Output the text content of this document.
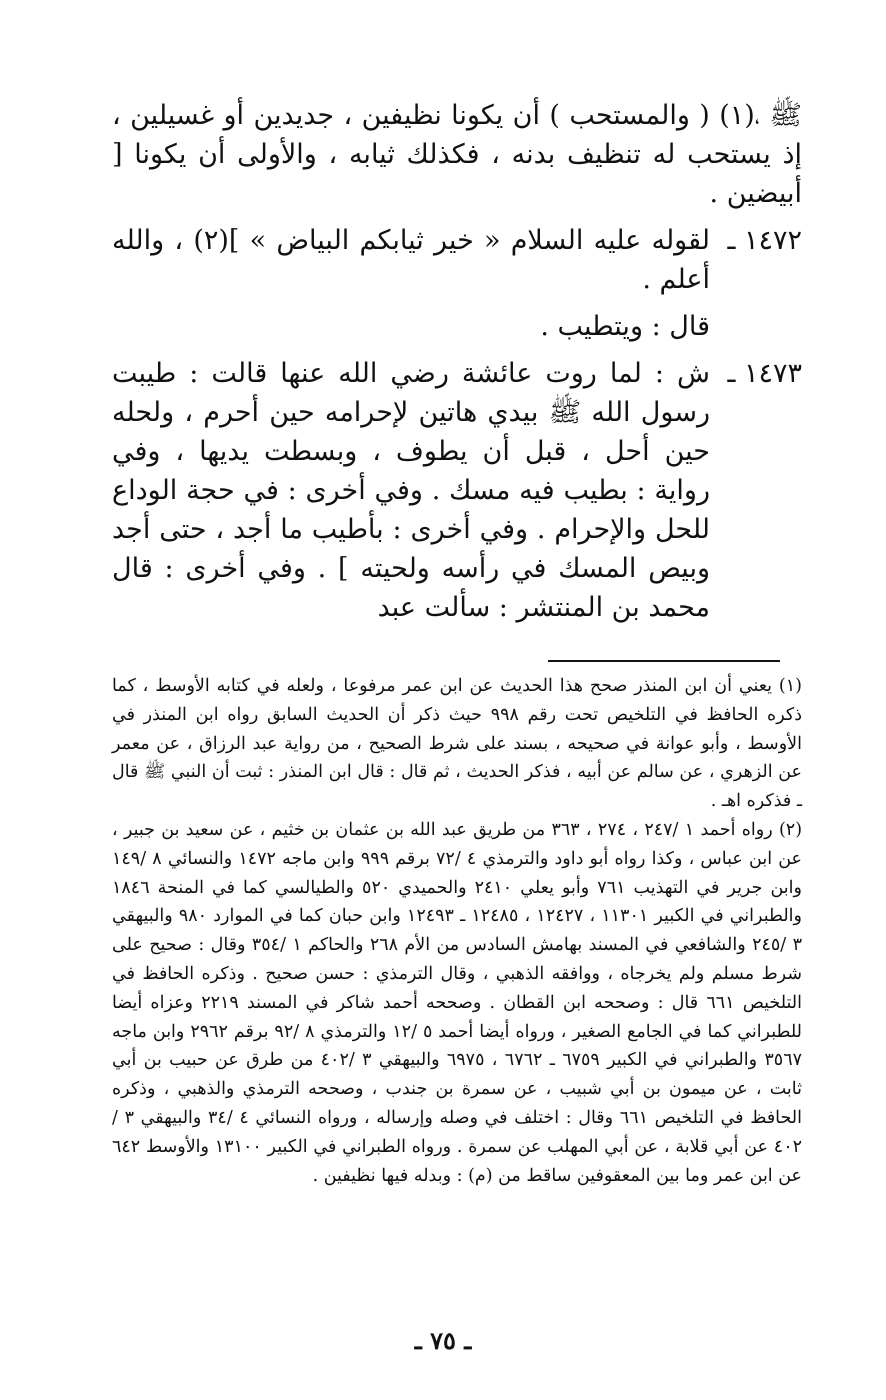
ﷺ ،(١) ( والمستحب ) أن يكونا نظيفين ، جديدين أو غسيلين ، إذ يستحب له تنظيف بدنه ، فكذلك ثيابه ، والأولى أن يكونا [ أبيضين .

١٤٧٢ ـ
لقوله عليه السلام « خير ثيابكم البياض » ](٢) ، والله أعلم .

قال : ويتطيب .

١٤٧٣ ـ
ش : لما روت عائشة رضي الله عنها قالت : طيبت رسول الله ﷺ بيدي هاتين لإحرامه حين أحرم ، ولحله حين أحل ، قبل أن يطوف ، وبسطت يديها ، وفي رواية : بطيب فيه مسك . وفي أخرى : في حجة الوداع للحل والإحرام . وفي أخرى : بأطيب ما أجد ، حتى أجد وبيص المسك في رأسه ولحيته ] . وفي أخرى : قال محمد بن المنتشر : سألت عبد

(١) يعني أن ابن المنذر صحح هذا الحديث عن ابن عمر مرفوعا ، ولعله في كتابه الأوسط ، كما ذكره الحافظ في التلخيص تحت رقم ٩٩٨ حيث ذكر أن الحديث السابق رواه ابن المنذر في الأوسط ، وأبو عوانة في صحيحه ، بسند على شرط الصحيح ، من رواية عبد الرزاق ، عن معمر عن الزهري ، عن سالم عن أبيه ، فذكر الحديث ، ثم قال : قال ابن المنذر : ثبت أن النبي ﷺ قال ـ فذكره اهـ .

(٢) رواه أحمد ١ /٢٤٧ ، ٢٧٤ ، ٣٦٣ من طريق عبد الله بن عثمان بن خثيم ، عن سعيد بن جبير ، عن ابن عباس ، وكذا رواه أبو داود والترمذي ٤ /٧٢ برقم ٩٩٩ وابن ماجه ١٤٧٢ والنسائي ٨ /١٤٩ وابن جرير في التهذيب ٧٦١ وأبو يعلي ٢٤١٠ والحميدي ٥٢٠ والطيالسي كما في المنحة ١٨٤٦ والطبراني في الكبير ١١٣٠١ ، ١٢٤٢٧ ، ١٢٤٨٥ ـ ١٢٤٩٣ وابن حبان كما في الموارد ٩٨٠ والبيهقي ٣ /٢٤٥ والشافعي في المسند بهامش السادس من الأم ٢٦٨ والحاكم ١ /٣٥٤ وقال : صحيح على شرط مسلم ولم يخرجاه ، ووافقه الذهبي ، وقال الترمذي : حسن صحيح . وذكره الحافظ في التلخيص ٦٦١ قال : وصححه ابن القطان . وصححه أحمد شاكر في المسند ٢٢١٩ وعزاه أيضا للطبراني كما في الجامع الصغير ، ورواه أيضا أحمد ٥ /١٢ والترمذي ٨ /٩٢ برقم ٢٩٦٢ وابن ماجه ٣٥٦٧ والطبراني في الكبير ٦٧٥٩ ـ ٦٧٦٢ ، ٦٩٧٥ والبيهقي ٣ /٤٠٢ من طرق عن حبيب بن أبي ثابت ، عن ميمون بن أبي شبيب ، عن سمرة بن جندب ، وصححه الترمذي والذهبي ، وذكره الحافظ في التلخيص ٦٦١ وقال : اختلف في وصله وإرساله ، ورواه النسائي ٤ /٣٤ والبيهقي ٣ /٤٠٢ عن أبي قلابة ، عن أبي المهلب عن سمرة . ورواه الطبراني في الكبير ١٣١٠٠ والأوسط ٦٤٢ عن ابن عمر وما بين المعقوفين ساقط من (م) : وبدله فيها نظيفين .

ـ ٧٥ ـ
